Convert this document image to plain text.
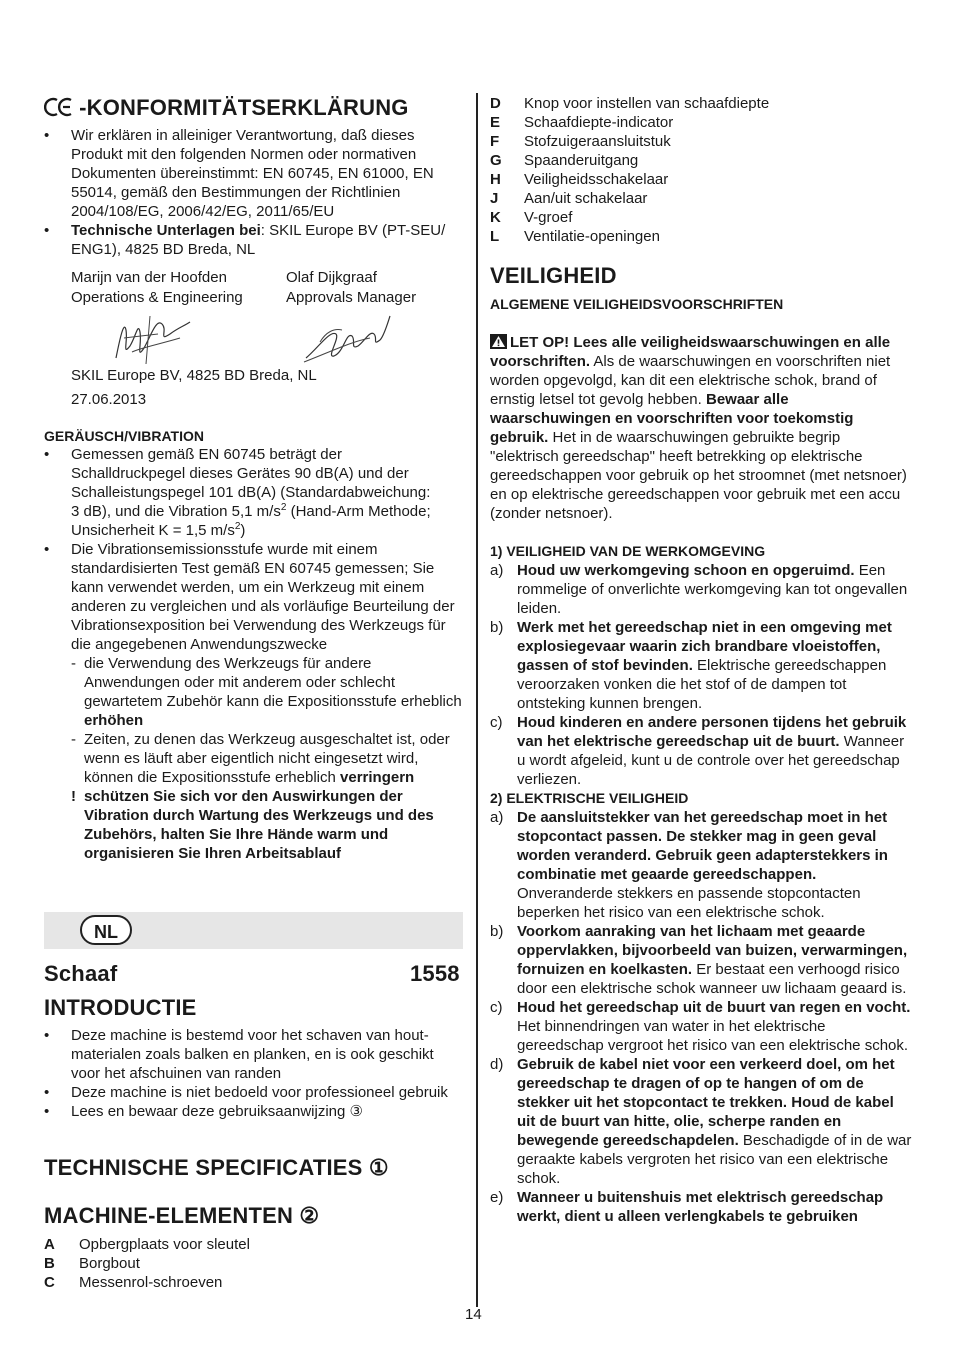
-KONFORMITÄTSERKLÄRUNG
• Wir erklären in alleiniger Verantwortung, daß dieses Produkt mit den folgenden Normen oder normativen Dokumenten übereinstimmt: EN 60745, EN 61000, EN 55014, gemäß den Bestimmungen der Richtlinien 2004/108/EG, 2006/42/EG, 2011/65/EU
• Technische Unterlagen bei: SKIL Europe BV (PT-SEU/ ENG1), 4825 BD Breda, NL
Marijn van der Hoofden
Operations & Engineering
Olaf Dijkgraaf
Approvals Manager
SKIL Europe BV, 4825 BD Breda, NL
27.06.2013
GERÄUSCH/VIBRATION
• Gemessen gemäß EN 60745 beträgt der
Schalldruckpegel dieses Gerätes 90 dB(A) und der
Schalleistungspegel 101 dB(A) (Standardabweichung:
3 dB), und die Vibration 5,1 $m/s^2$ (Hand-Arm Methode;
Unsicherheit K = 1,5 $m/s^2$)
• Die Vibrationsemissionsstufe wurde mit einem standardisierten Test gemäß EN 60745 gemessen; Sie kann verwendet werden, um ein Werkzeug mit einem anderen zu vergleichen und als vorläufige Beurteilung der Vibrationsexposition bei Verwendung des Werkzeugs für die angegebenen Anwendungszwecke
- die Verwendung des Werkzeugs für andere Anwendungen oder mit anderem oder schlecht gewartetem Zubehör kann die Expositionsstufe erheblich erhöhen
- Zeiten, zu denen das Werkzeug ausgeschaltet ist, oder wenn es läuft aber eigentlich nicht eingesetzt wird, können die Expositionsstufe erheblich verringern
! schützen Sie sich vor den Auswirkungen der Vibration durch Wartung des Werkzeugs und des Zubehörs, halten Sie Ihre Hände warm und organisieren Sie Ihren Arbeitsablauf
NL
Schaaf	1558
INTRODUCTIE
• Deze machine is bestemd voor het schaven van hout-materialen zoals balken en planken, en is ook geschikt voor het afschuinen van randen
• Deze machine is niet bedoeld voor professioneel gebruik
• Lees en bewaar deze gebruiksaanwijzing ③
TECHNISCHE SPECIFICATIES ①
MACHINE-ELEMENTEN ②
A Opbergplaats voor sleutel
B Borgbout
C Messenrol-schroeven
D Knop voor instellen van schaafdiepte
E Schaafdiepte-indicator
F Stofzuigeraansluitstuk
G Spaanderuitgang
H Veiligheidsschakelaar
J Aan/uit schakelaar
K V-groef
L Ventilatie-openingen
VEILIGHEID
ALGEMENE VEILIGHEIDSVOORSCHRIFTEN

LET OP! Lees alle veiligheidswaarschuwingen en alle voorschriften. Als de waarschuwingen en voorschriften niet worden opgevolgd, kan dit een elektrische schok, brand of ernstig letsel tot gevolg hebben. Bewaar alle waarschuwingen en voorschriften voor toekomstig gebruik. Het in de waarschuwingen gebruikte begrip "elektrisch gereedschap" heeft betrekking op elektrische gereedschappen voor gebruik op het stroomnet (met netsnoer) en op elektrische gereedschappen voor gebruik met een accu (zonder netsnoer).

1) VEILIGHEID VAN DE WERKOMGEVING
a) Houd uw werkomgeving schoon en opgeruimd. Een rommelige of onverlichte werkomgeving kan tot ongevallen leiden.
b) Werk met het gereedschap niet in een omgeving met explosiegevaar waarin zich brandbare vloeistoffen, gassen of stof bevinden. Elektrische gereedschappen veroorzaken vonken die het stof of de dampen tot ontsteking kunnen brengen.
c) Houd kinderen en andere personen tijdens het gebruik van het elektrische gereedschap uit de buurt. Wanneer u wordt afgeleid, kunt u de controle over het gereedschap verliezen.
2) ELEKTRISCHE VEILIGHEID
a) De aansluitstekker van het gereedschap moet in het stopcontact passen. De stekker mag in geen geval worden veranderd. Gebruik geen adapterstekkers in combinatie met geaarde gereedschappen. Onveranderde stekkers en passende stopcontacten beperken het risico van een elektrische schok.
b) Voorkom aanraking van het lichaam met geaarde oppervlakken, bijvoorbeeld van buizen, verwarmingen, fornuizen en koelkasten. Er bestaat een verhoogd risico door een elektrische schok wanneer uw lichaam geaard is.
c) Houd het gereedschap uit de buurt van regen en vocht. Het binnendringen van water in het elektrische gereedschap vergroot het risico van een elektrische schok.
d) Gebruik de kabel niet voor een verkeerd doel, om het gereedschap te dragen of op te hangen of om de stekker uit het stopcontact te trekken. Houd de kabel uit de buurt van hitte, olie, scherpe randen en bewegende gereedschapdelen. Beschadigde of in de war geraakte kabels vergroten het risico van een elektrische schok.
e) Wanneer u buitenshuis met elektrisch gereedschap werkt, dient u alleen verlengkabels te gebruiken
14
